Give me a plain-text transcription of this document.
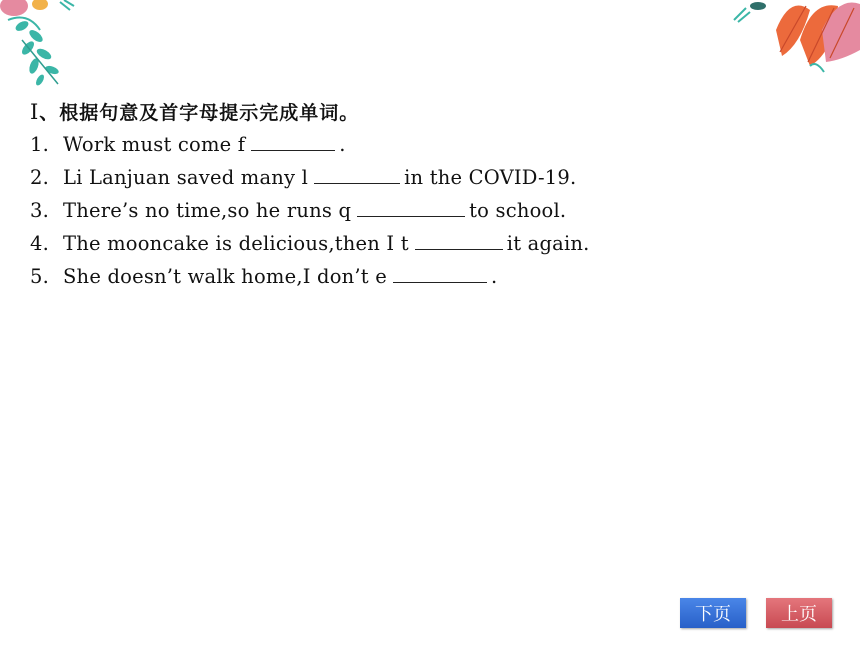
Ⅰ、根据句意及首字母提示完成单词。
1. Work must come f	.
2. Li Lanjuan saved many l	in the COVID-19.
3. There’s no time,so he runs q	to school.
4. The mooncake is delicious,then I t	it again.
5. She doesn’t walk home,I don’t e	.
下页	上页
